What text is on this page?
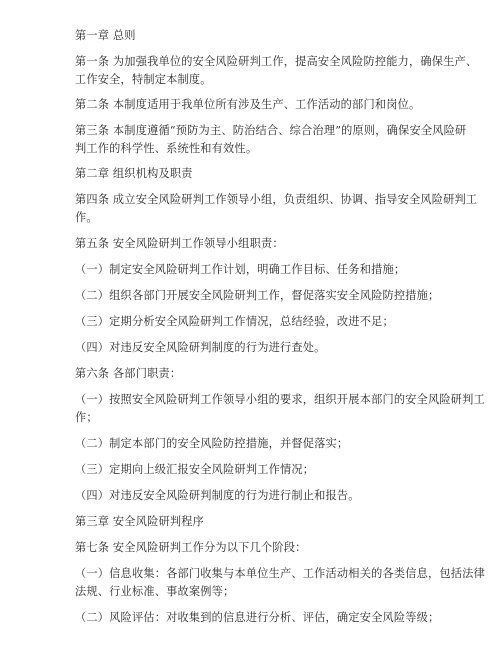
第一章 总则
第一条 为加强我单位的安全风险研判工作，提高安全风险防控能力，确保生产、
工作安全，特制定本制度。
第二条 本制度适用于我单位所有涉及生产、工作活动的部门和岗位。
第三条 本制度遵循“预防为主、防治结合、综合治理”的原则，确保安全风险研
判工作的科学性、系统性和有效性。
第二章 组织机构及职责
第四条 成立安全风险研判工作领导小组，负责组织、协调、指导安全风险研判工
作。
第五条 安全风险研判工作领导小组职责：
（一）制定安全风险研判工作计划，明确工作目标、任务和措施；
（二）组织各部门开展安全风险研判工作，督促落实安全风险防控措施；
（三）定期分析安全风险研判工作情况，总结经验，改进不足；
（四）对违反安全风险研判制度的行为进行查处。
第六条 各部门职责：
（一）按照安全风险研判工作领导小组的要求，组织开展本部门的安全风险研判工
作；
（二）制定本部门的安全风险防控措施，并督促落实；
（三）定期向上级汇报安全风险研判工作情况；
（四）对违反安全风险研判制度的行为进行制止和报告。
第三章 安全风险研判程序
第七条 安全风险研判工作分为以下几个阶段：
（一）信息收集：各部门收集与本单位生产、工作活动相关的各类信息，包括法律
法规、行业标准、事故案例等；
（二）风险评估：对收集到的信息进行分析、评估，确定安全风险等级；
